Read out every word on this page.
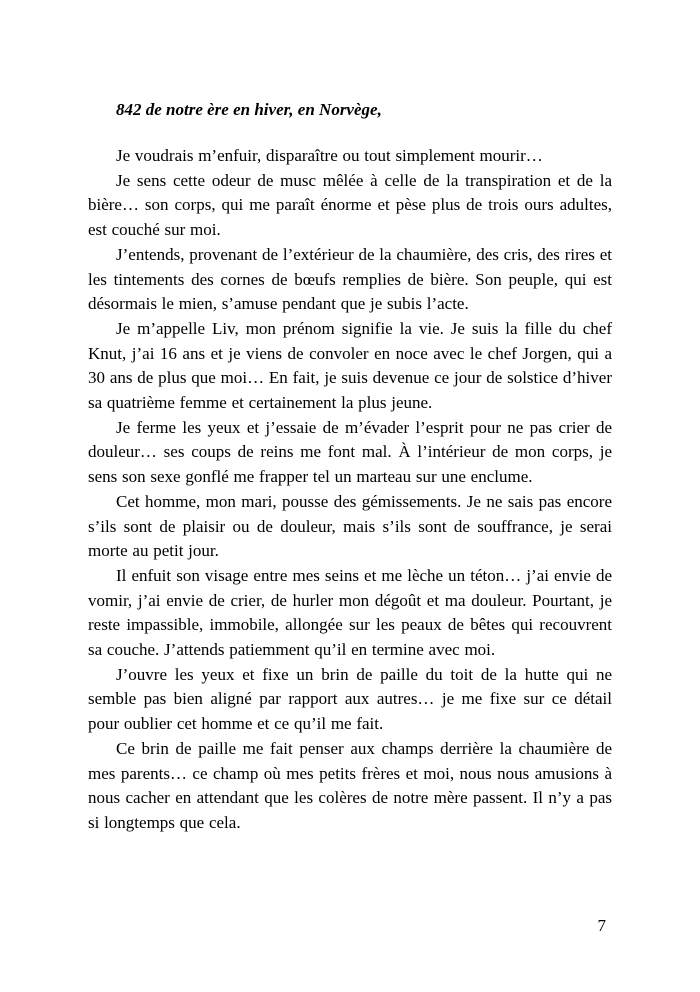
842 de notre ère en hiver, en Norvège,

Je voudrais m’enfuir, disparaître ou tout simplement mourir…

Je sens cette odeur de musc mêlée à celle de la transpiration et de la bière… son corps, qui me paraît énorme et pèse plus de trois ours adultes, est couché sur moi.

J’entends, provenant de l’extérieur de la chaumière, des cris, des rires et les tintements des cornes de bœufs remplies de bière. Son peuple, qui est désormais le mien, s’amuse pendant que je subis l’acte.

Je m’appelle Liv, mon prénom signifie la vie. Je suis la fille du chef Knut, j’ai 16 ans et je viens de convoler en noce avec le chef Jorgen, qui a 30 ans de plus que moi… En fait, je suis devenue ce jour de solstice d’hiver sa quatrième femme et certainement la plus jeune.

Je ferme les yeux et j’essaie de m’évader l’esprit pour ne pas crier de douleur… ses coups de reins me font mal. À l’intérieur de mon corps, je sens son sexe gonflé me frapper tel un marteau sur une enclume.

Cet homme, mon mari, pousse des gémissements. Je ne sais pas encore s’ils sont de plaisir ou de douleur, mais s’ils sont de souffrance, je serai morte au petit jour.

Il enfuit son visage entre mes seins et me lèche un téton… j’ai envie de vomir, j’ai envie de crier, de hurler mon dégoût et ma douleur. Pourtant, je reste impassible, immobile, allongée sur les peaux de bêtes qui recouvrent sa couche. J’attends patiemment qu’il en termine avec moi.

J’ouvre les yeux et fixe un brin de paille du toit de la hutte qui ne semble pas bien aligné par rapport aux autres… je me fixe sur ce détail pour oublier cet homme et ce qu’il me fait.

Ce brin de paille me fait penser aux champs derrière la chaumière de mes parents… ce champ où mes petits frères et moi, nous nous amusions à nous cacher en attendant que les colères de notre mère passent. Il n’y a pas si longtemps que cela.

7
